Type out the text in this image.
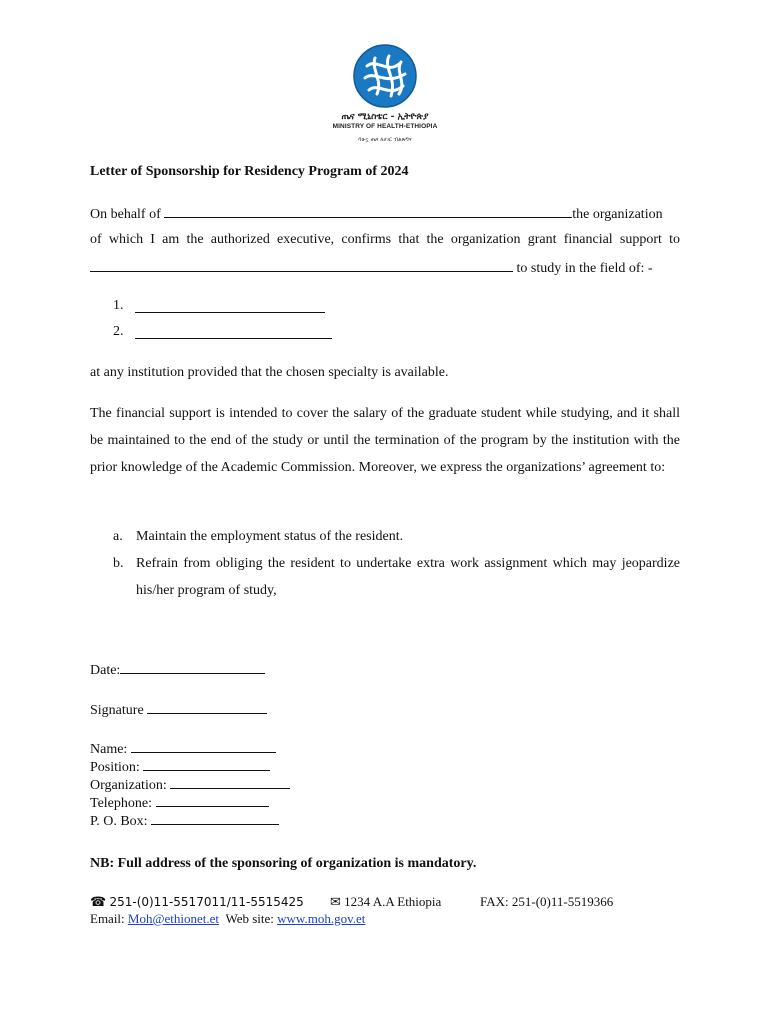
ጤና ሚኒስቴር - ኢትዮጵያ
MINISTRY OF HEALTH-ETHIOPIA
ባሁኗ ጤና ለሀገር ብልጽግና
Letter of Sponsorship for Residency Program of 2024
On behalf of	the organization
of which I am the authorized executive, confirms that the organization grant financial support to
to study in the field of: -
1.
2.
at any institution provided that the chosen specialty is available.
The financial support is intended to cover the salary of the graduate student while studying, and it shall be maintained to the end of the study or until the termination of the program by the institution with the prior knowledge of the Academic Commission. Moreover, we express the organizations’ agreement to:
a. Maintain the employment status of the resident.
b. Refrain from obliging the resident to undertake extra work assignment which may jeopardize his/her program of study,
Date:
Signature
Name:
Position:
Organization:
Telephone:
P. O. Box:
NB: Full address of the sponsoring of organization is mandatory.
☎ 251-(0)11-5517011/11-5515425 ✉ 1234 A.A Ethiopia	FAX: 251-(0)11-5519366
Email: Moh@ethionet.et Web site: www.moh.gov.et
